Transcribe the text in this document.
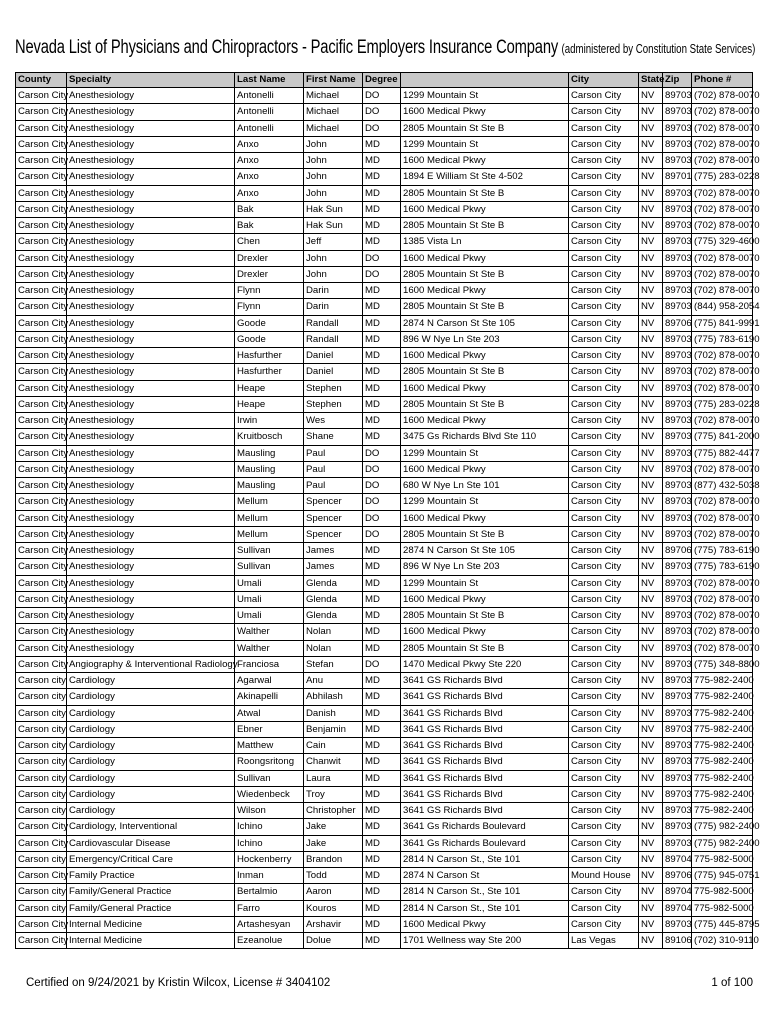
Nevada List of Physicians and Chiropractors - Pacific Employers Insurance Company (administered by Constitution State Services)
County	Specialty	Last Name	First Name	Degree		City	State	Zip	Phone #
Carson City	Anesthesiology	Antonelli	Michael	DO	1299 Mountain St	Carson City	NV	89703	(702) 878-0070
Carson City	Anesthesiology	Antonelli	Michael	DO	1600 Medical Pkwy	Carson City	NV	89703	(702) 878-0070
Carson City	Anesthesiology	Antonelli	Michael	DO	2805 Mountain St Ste B	Carson City	NV	89703	(702) 878-0070
Carson City	Anesthesiology	Anxo	John	MD	1299 Mountain St	Carson City	NV	89703	(702) 878-0070
Carson City	Anesthesiology	Anxo	John	MD	1600 Medical Pkwy	Carson City	NV	89703	(702) 878-0070
Carson City	Anesthesiology	Anxo	John	MD	1894 E William St Ste 4-502	Carson City	NV	89701	(775) 283-0228
Carson City	Anesthesiology	Anxo	John	MD	2805 Mountain St Ste B	Carson City	NV	89703	(702) 878-0070
Carson City	Anesthesiology	Bak	Hak Sun	MD	1600 Medical Pkwy	Carson City	NV	89703	(702) 878-0070
Carson City	Anesthesiology	Bak	Hak Sun	MD	2805 Mountain St Ste B	Carson City	NV	89703	(702) 878-0070
Carson City	Anesthesiology	Chen	Jeff	MD	1385 Vista Ln	Carson City	NV	89703	(775) 329-4600
Carson City	Anesthesiology	Drexler	John	DO	1600 Medical Pkwy	Carson City	NV	89703	(702) 878-0070
Carson City	Anesthesiology	Drexler	John	DO	2805 Mountain St Ste B	Carson City	NV	89703	(702) 878-0070
Carson City	Anesthesiology	Flynn	Darin	MD	1600 Medical Pkwy	Carson City	NV	89703	(702) 878-0070
Carson City	Anesthesiology	Flynn	Darin	MD	2805 Mountain St Ste B	Carson City	NV	89703	(844) 958-2054
Carson City	Anesthesiology	Goode	Randall	MD	2874 N Carson St Ste 105	Carson City	NV	89706	(775) 841-9991
Carson City	Anesthesiology	Goode	Randall	MD	896 W Nye Ln Ste 203	Carson City	NV	89703	(775) 783-6190
Carson City	Anesthesiology	Hasfurther	Daniel	MD	1600 Medical Pkwy	Carson City	NV	89703	(702) 878-0070
Carson City	Anesthesiology	Hasfurther	Daniel	MD	2805 Mountain St Ste B	Carson City	NV	89703	(702) 878-0070
Carson City	Anesthesiology	Heape	Stephen	MD	1600 Medical Pkwy	Carson City	NV	89703	(702) 878-0070
Carson City	Anesthesiology	Heape	Stephen	MD	2805 Mountain St Ste B	Carson City	NV	89703	(775) 283-0228
Carson City	Anesthesiology	Irwin	Wes	MD	1600 Medical Pkwy	Carson City	NV	89703	(702) 878-0070
Carson City	Anesthesiology	Kruitbosch	Shane	MD	3475 Gs Richards Blvd Ste 110	Carson City	NV	89703	(775) 841-2000
Carson City	Anesthesiology	Mausling	Paul	DO	1299 Mountain St	Carson City	NV	89703	(775) 882-4477
Carson City	Anesthesiology	Mausling	Paul	DO	1600 Medical Pkwy	Carson City	NV	89703	(702) 878-0070
Carson City	Anesthesiology	Mausling	Paul	DO	680 W Nye Ln Ste 101	Carson City	NV	89703	(877) 432-5038
Carson City	Anesthesiology	Mellum	Spencer	DO	1299 Mountain St	Carson City	NV	89703	(702) 878-0070
Carson City	Anesthesiology	Mellum	Spencer	DO	1600 Medical Pkwy	Carson City	NV	89703	(702) 878-0070
Carson City	Anesthesiology	Mellum	Spencer	DO	2805 Mountain St Ste B	Carson City	NV	89703	(702) 878-0070
Carson City	Anesthesiology	Sullivan	James	MD	2874 N Carson St Ste 105	Carson City	NV	89706	(775) 783-6190
Carson City	Anesthesiology	Sullivan	James	MD	896 W Nye Ln Ste 203	Carson City	NV	89703	(775) 783-6190
Carson City	Anesthesiology	Umali	Glenda	MD	1299 Mountain St	Carson City	NV	89703	(702) 878-0070
Carson City	Anesthesiology	Umali	Glenda	MD	1600 Medical Pkwy	Carson City	NV	89703	(702) 878-0070
Carson City	Anesthesiology	Umali	Glenda	MD	2805 Mountain St Ste B	Carson City	NV	89703	(702) 878-0070
Carson City	Anesthesiology	Walther	Nolan	MD	1600 Medical Pkwy	Carson City	NV	89703	(702) 878-0070
Carson City	Anesthesiology	Walther	Nolan	MD	2805 Mountain St Ste B	Carson City	NV	89703	(702) 878-0070
Carson City	Angiography & Interventional Radiology	Franciosa	Stefan	DO	1470 Medical Pkwy Ste 220	Carson City	NV	89703	(775) 348-8800
Carson city	Cardiology	Agarwal	Anu	MD	3641 GS Richards Blvd	Carson City	NV	89703	775-982-2400
Carson city	Cardiology	Akinapelli	Abhilash	MD	3641 GS Richards Blvd	Carson City	NV	89703	775-982-2400
Carson city	Cardiology	Atwal	Danish	MD	3641 GS Richards Blvd	Carson City	NV	89703	775-982-2400
Carson city	Cardiology	Ebner	Benjamin	MD	3641 GS Richards Blvd	Carson City	NV	89703	775-982-2400
Carson city	Cardiology	Matthew	Cain	MD	3641 GS Richards Blvd	Carson City	NV	89703	775-982-2400
Carson city	Cardiology	Roongsritong	Chanwit	MD	3641 GS Richards Blvd	Carson City	NV	89703	775-982-2400
Carson city	Cardiology	Sullivan	Laura	MD	3641 GS Richards Blvd	Carson City	NV	89703	775-982-2400
Carson city	Cardiology	Wiedenbeck	Troy	MD	3641 GS Richards Blvd	Carson City	NV	89703	775-982-2400
Carson city	Cardiology	Wilson	Christopher	MD	3641 GS Richards Blvd	Carson City	NV	89703	775-982-2400
Carson City	Cardiology, Interventional	Ichino	Jake	MD	3641 Gs Richards Boulevard	Carson City	NV	89703	(775) 982-2400
Carson City	Cardiovascular Disease	Ichino	Jake	MD	3641 Gs Richards Boulevard	Carson City	NV	89703	(775) 982-2400
Carson city	Emergency/Critical Care	Hockenberry	Brandon	MD	2814 N Carson St., Ste 101	Carson City	NV	89704	775-982-5000
Carson City	Family Practice	Inman	Todd	MD	2874 N Carson St	Mound House	NV	89706	(775) 945-0751
Carson city	Family/General Practice	Bertalmio	Aaron	MD	2814 N Carson St., Ste 101	Carson City	NV	89704	775-982-5000
Carson city	Family/General Practice	Farro	Kouros	MD	2814 N Carson St., Ste 101	Carson City	NV	89704	775-982-5000
Carson City	Internal Medicine	Artashesyan	Arshavir	MD	1600 Medical Pkwy	Carson City	NV	89703	(775) 445-8795
Carson City	Internal Medicine	Ezeanolue	Dolue	MD	1701 Wellness way Ste 200	Las Vegas	NV	89106	(702) 310-9110
Certified on 9/24/2021 by Kristin Wilcox, License # 3404102	1 of 100
